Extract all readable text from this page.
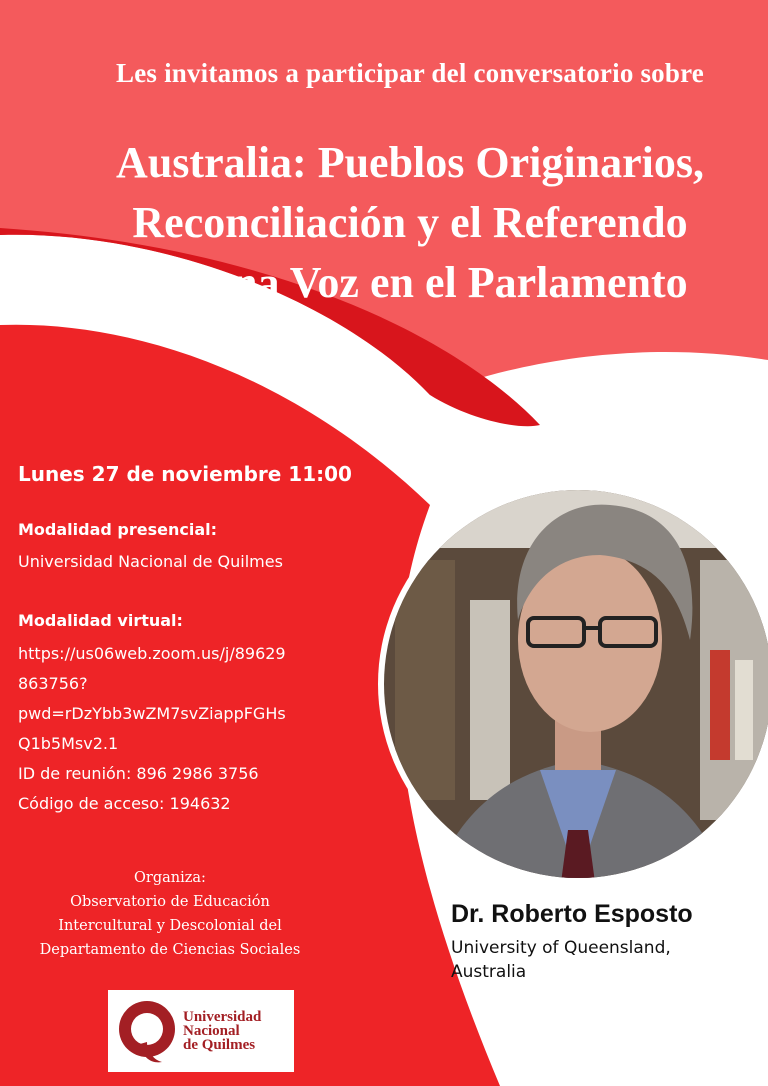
Les invitamos a participar del conversatorio sobre
Australia: Pueblos Originarios,
Reconciliación y el Referendo
por una Voz en el Parlamento
Lunes 27 de noviembre 11:00
Modalidad presencial:
Universidad Nacional de Quilmes
Modalidad virtual:
https://us06web.zoom.us/j/89629
863756?
pwd=rDzYbb3wZM7svZiappFGHs
Q1b5Msv2.1
ID de reunión: 896 2986 3756
Código de acceso: 194632
Organiza:
Observatorio de Educación
Intercultural y Descolonial del
Departamento de Ciencias Sociales
Dr. Roberto Esposto
University of Queensland,
Australia
Universidad
Nacional
de Quilmes
